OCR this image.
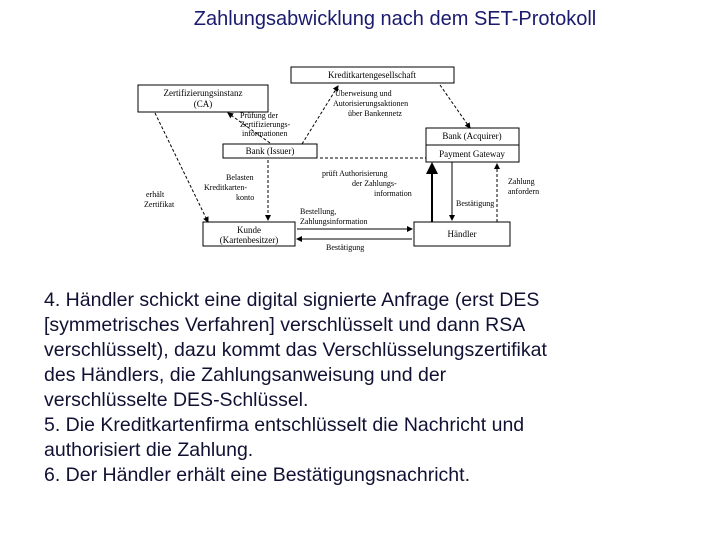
Zahlungsabwicklung nach dem SET-Protokoll
Kreditkartengesellschaft
Zertifizierungsinstanz
(CA)
Bank (Issuer)
Bank (Acquirer)
Payment Gateway
Kunde
(Kartenbesitzer)
Händler
Überweisung und
Autorisierungsaktionen
über Bankennetz
Prüfung der
Zertifizierungs-
informationen
Belasten
Kreditkarten-
konto
erhält
Zertifikat
prüft Authorisierung
der Zahlungs-
information
Zahlung
anfordern
Bestätigung
Bestellung,
Zahlungsinformation
Bestätigung
4. Händler schickt eine digital signierte Anfrage (erst DES
[symmetrisches Verfahren] verschlüsselt und dann RSA
verschlüsselt), dazu kommt das Verschlüsselungszertifikat
des Händlers, die Zahlungsanweisung und der
verschlüsselte DES-Schlüssel.
5. Die Kreditkartenfirma entschlüsselt die Nachricht und
authorisiert die Zahlung.
6. Der Händler erhält eine Bestätigungsnachricht.
